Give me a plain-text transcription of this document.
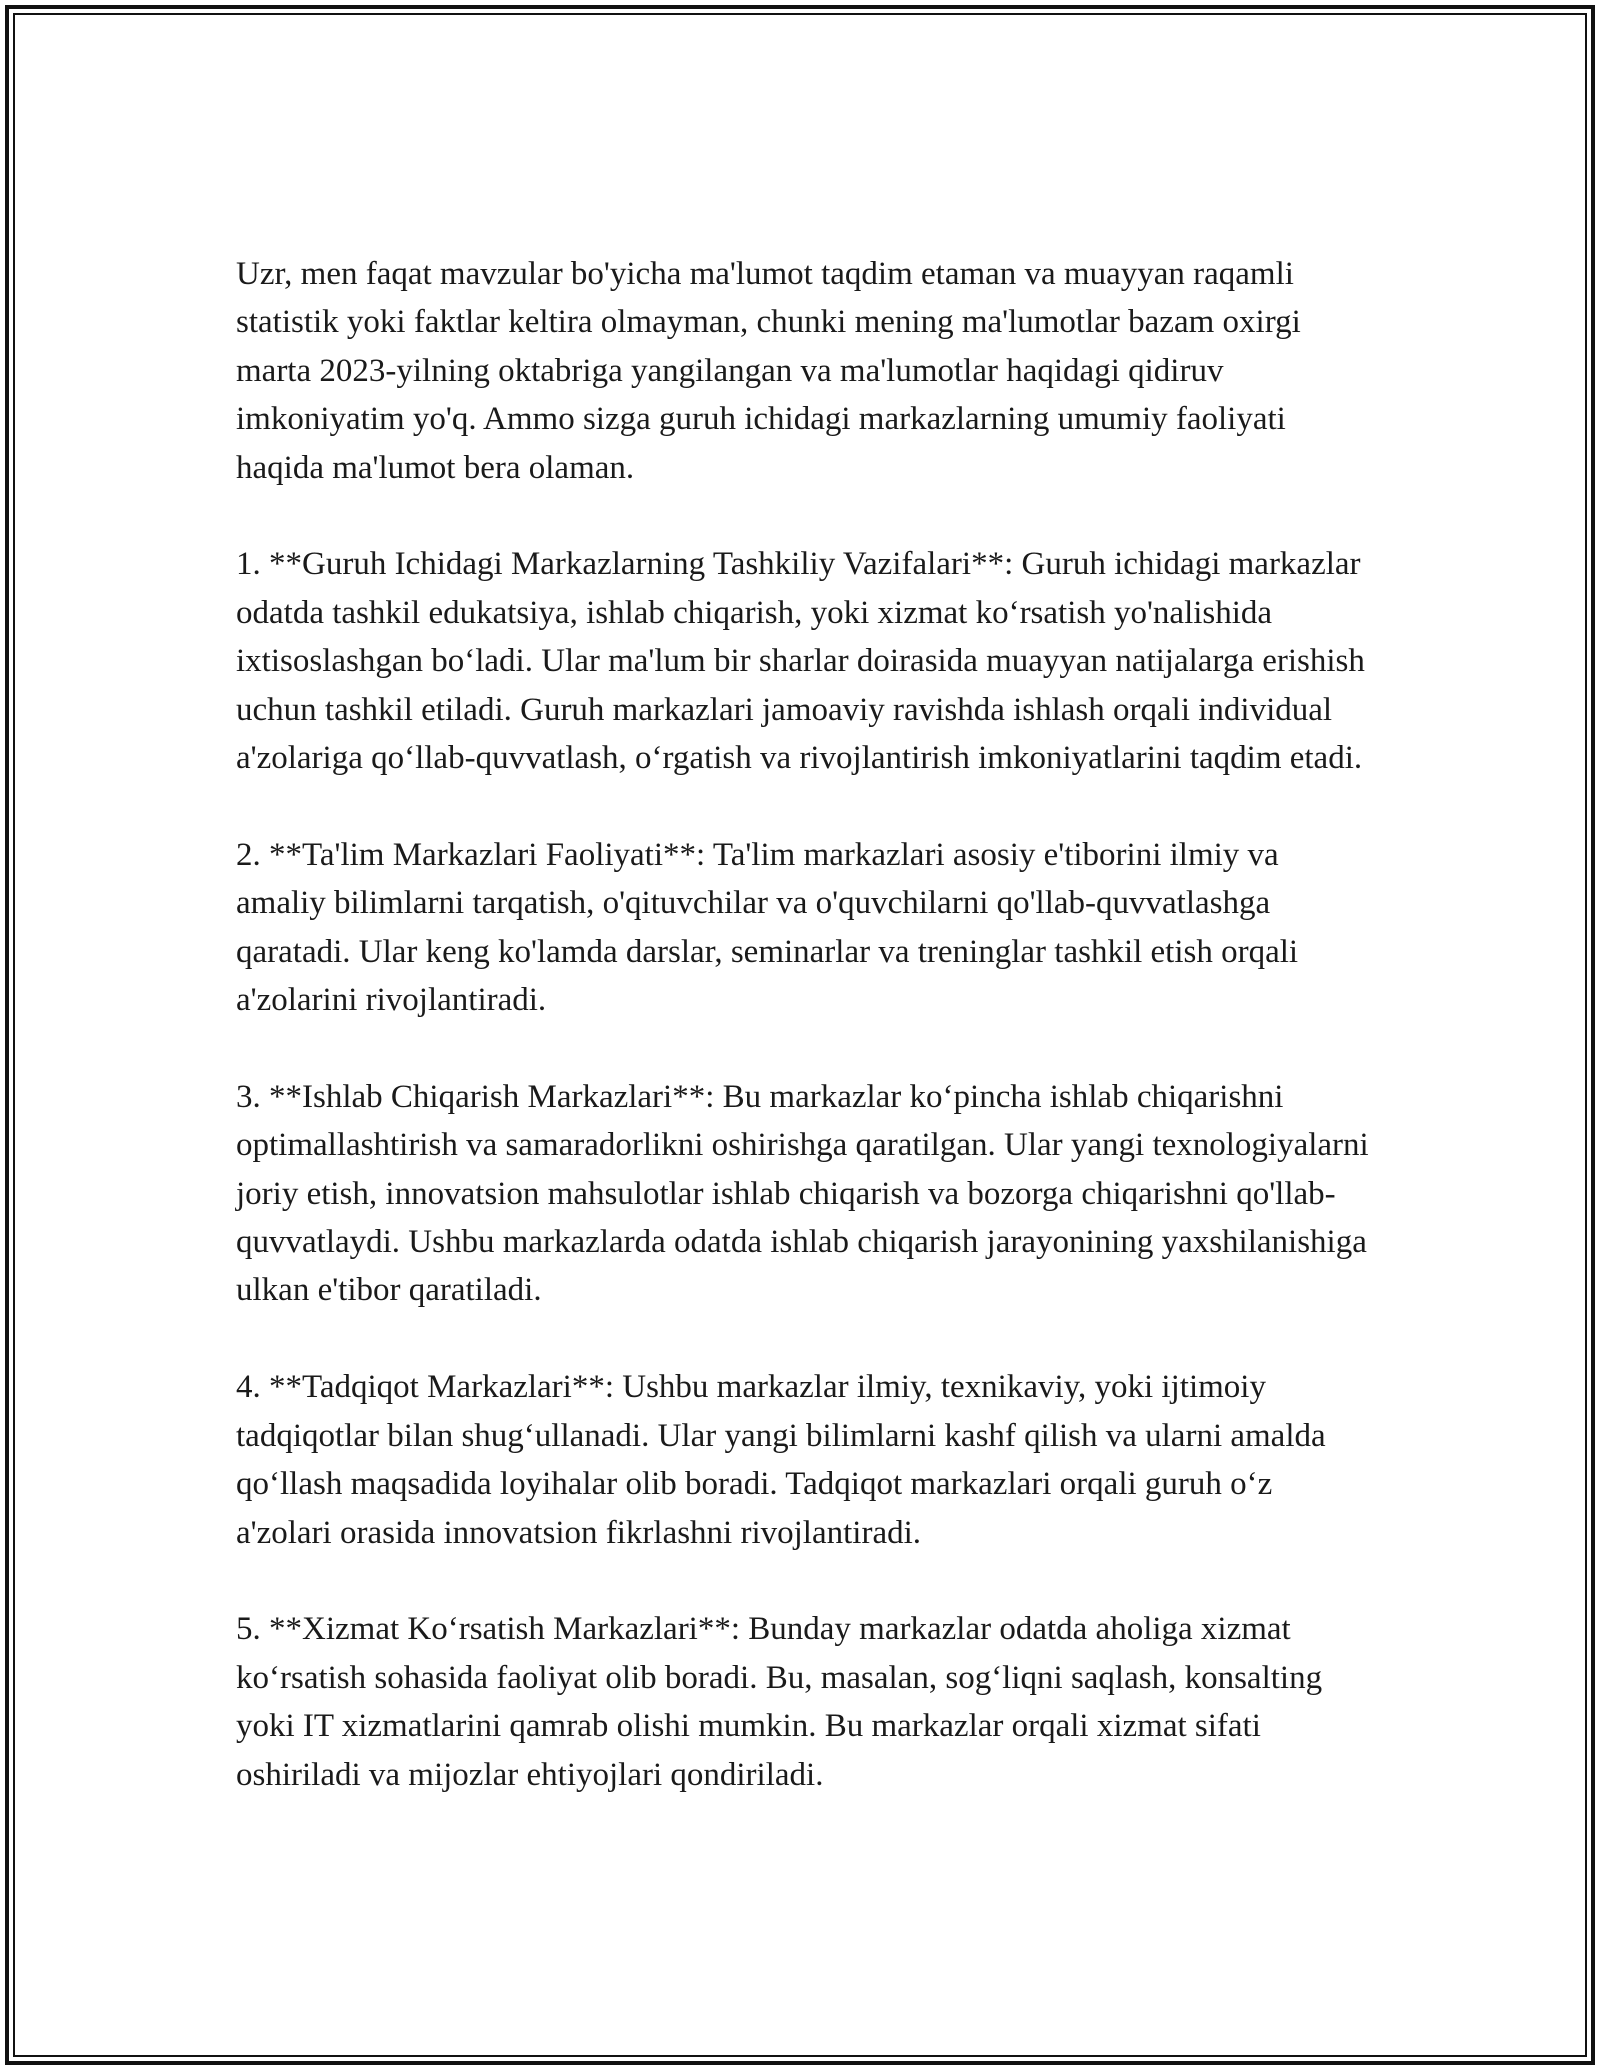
Uzr, men faqat mavzular bo'yicha ma'lumot taqdim etaman va muayyan raqamli statistik yoki faktlar keltira olmayman, chunki mening ma'lumotlar bazam oxirgi marta 2023-yilning oktabriga yangilangan va ma'lumotlar haqidagi qidiruv imkoniyatim yo'q. Ammo sizga guruh ichidagi markazlarning umumiy faoliyati haqida ma'lumot bera olaman.

1. **Guruh Ichidagi Markazlarning Tashkiliy Vazifalari**: Guruh ichidagi markazlar odatda tashkil edukatsiya, ishlab chiqarish, yoki xizmat ko‘rsatish yo'nalishida ixtisoslashgan bo‘ladi. Ular ma'lum bir sharlar doirasida muayyan natijalarga erishish uchun tashkil etiladi. Guruh markazlari jamoaviy ravishda ishlash orqali individual a'zolariga qo‘llab-quvvatlash, o‘rgatish va rivojlantirish imkoniyatlarini taqdim etadi.

2. **Ta'lim Markazlari Faoliyati**: Ta'lim markazlari asosiy e'tiborini ilmiy va amaliy bilimlarni tarqatish, o'qituvchilar va o'quvchilarni qo'llab-quvvatlashga qaratadi. Ular keng ko'lamda darslar, seminarlar va treninglar tashkil etish orqali a'zolarini rivojlantiradi.

3. **Ishlab Chiqarish Markazlari**: Bu markazlar ko‘pincha ishlab chiqarishni optimallashtirish va samaradorlikni oshirishga qaratilgan. Ular yangi texnologiyalarni joriy etish, innovatsion mahsulotlar ishlab chiqarish va bozorga chiqarishni qo'llab-quvvatlaydi. Ushbu markazlarda odatda ishlab chiqarish jarayonining yaxshilanishiga ulkan e'tibor qaratiladi.

4. **Tadqiqot Markazlari**: Ushbu markazlar ilmiy, texnikaviy, yoki ijtimoiy tadqiqotlar bilan shug‘ullanadi. Ular yangi bilimlarni kashf qilish va ularni amalda qo‘llash maqsadida loyihalar olib boradi. Tadqiqot markazlari orqali guruh o‘z a'zolari orasida innovatsion fikrlashni rivojlantiradi.

5. **Xizmat Ko‘rsatish Markazlari**: Bunday markazlar odatda aholiga xizmat ko‘rsatish sohasida faoliyat olib boradi. Bu, masalan, sog‘liqni saqlash, konsalting yoki IT xizmatlarini qamrab olishi mumkin. Bu markazlar orqali xizmat sifati oshiriladi va mijozlar ehtiyojlari qondiriladi.
